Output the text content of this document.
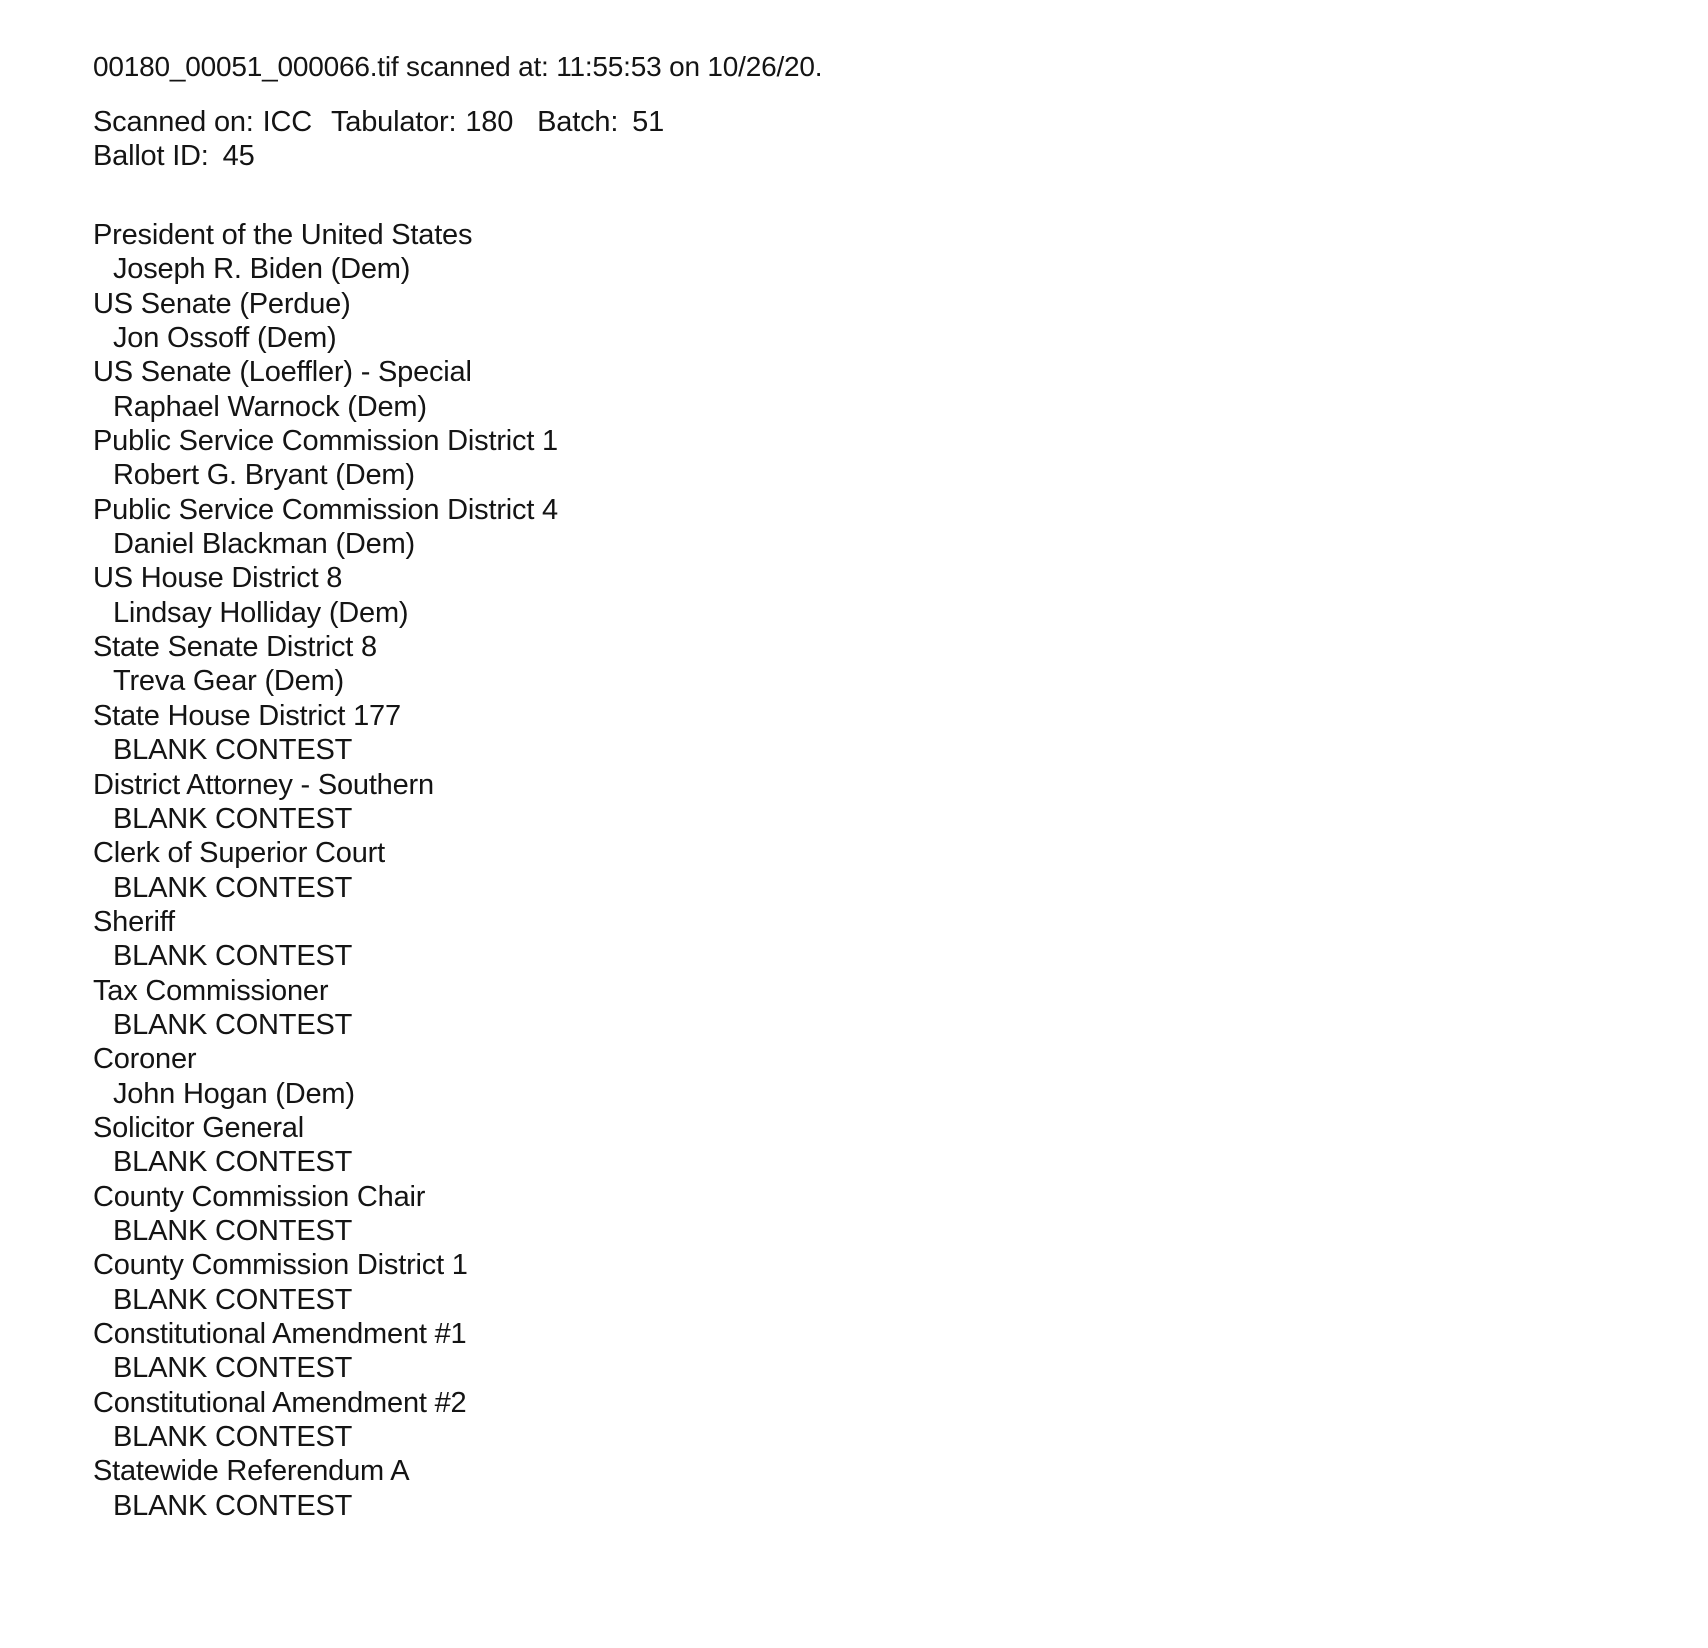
00180_00051_000066.tif scanned at: 11:55:53 on 10/26/20.
Scanned on: ICC Tabulator: 180 Batch: 51
Ballot ID: 45
President of the United States
Joseph R. Biden (Dem)
US Senate (Perdue)
Jon Ossoff (Dem)
US Senate (Loeffler) - Special
Raphael Warnock (Dem)
Public Service Commission District 1
Robert G. Bryant (Dem)
Public Service Commission District 4
Daniel Blackman (Dem)
US House District 8
Lindsay Holliday (Dem)
State Senate District 8
Treva Gear (Dem)
State House District 177
BLANK CONTEST
District Attorney - Southern
BLANK CONTEST
Clerk of Superior Court
BLANK CONTEST
Sheriff
BLANK CONTEST
Tax Commissioner
BLANK CONTEST
Coroner
John Hogan (Dem)
Solicitor General
BLANK CONTEST
County Commission Chair
BLANK CONTEST
County Commission District 1
BLANK CONTEST
Constitutional Amendment #1
BLANK CONTEST
Constitutional Amendment #2
BLANK CONTEST
Statewide Referendum A
BLANK CONTEST
